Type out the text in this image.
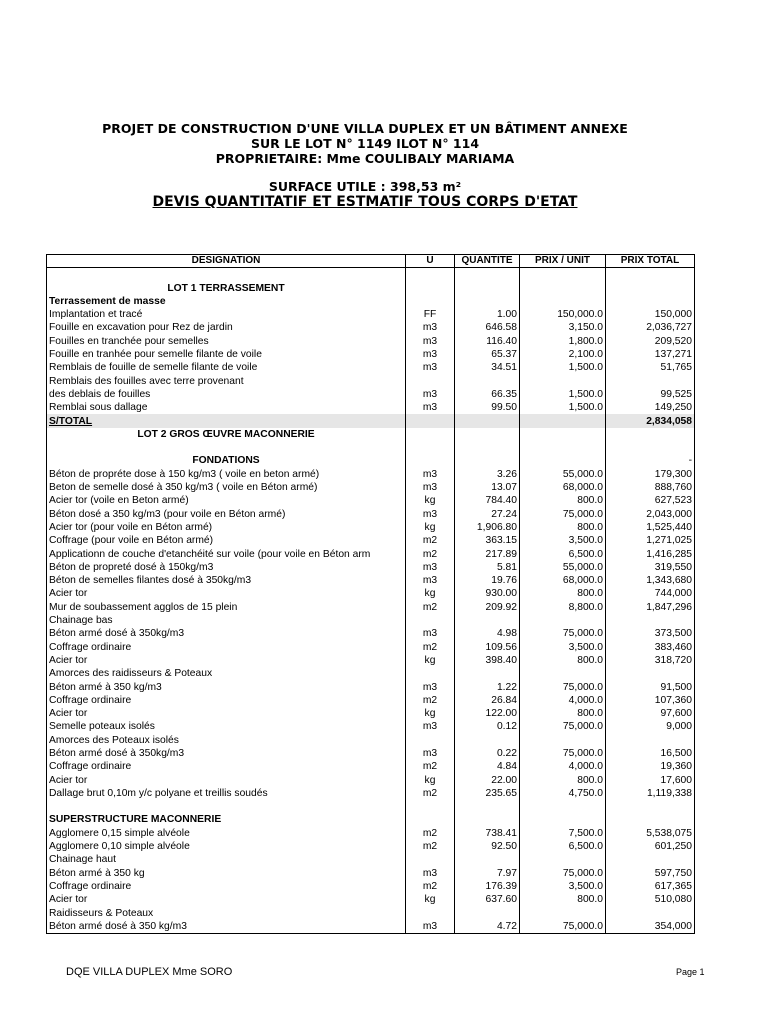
PROJET DE CONSTRUCTION D'UNE VILLA DUPLEX ET UN BÂTIMENT ANNEXE
SUR LE LOT N° 1149 ILOT N° 114
PROPRIETAIRE: Mme COULIBALY MARIAMA
SURFACE UTILE : 398,53 m²
DEVIS QUANTITATIF ET ESTMATIF TOUS CORPS D'ETAT
DESIGNATION	U	QUANTITE	PRIX / UNIT	PRIX TOTAL

LOT 1 TERRASSEMENT				
Terrassement de masse				
Implantation et tracé	FF	1.00	150,000.0	150,000
Fouille en excavation pour Rez de jardin	m3	646.58	3,150.0	2,036,727
Fouilles en tranchée pour semelles	m3	116.40	1,800.0	209,520
Fouille en tranhée pour semelle filante de voile	m3	65.37	2,100.0	137,271
Remblais de fouille de semelle filante de voile	m3	34.51	1,500.0	51,765
Remblais des fouilles avec terre provenant				
des deblais de fouilles	m3	66.35	1,500.0	99,525
Remblai sous dallage	m3	99.50	1,500.0	149,250
S/TOTAL				2,834,058
LOT 2 GROS ŒUVRE MACONNERIE				

FONDATIONS				-
Béton de propréte dose à 150 kg/m3 ( voile en beton armé)	m3	3.26	55,000.0	179,300
Beton de semelle dosé à 350 kg/m3 ( voile en Béton armé)	m3	13.07	68,000.0	888,760
Acier tor (voile en Beton armé)	kg	784.40	800.0	627,523
Béton dosé a 350 kg/m3 (pour voile en Béton armé)	m3	27.24	75,000.0	2,043,000
Acier tor (pour voile en Béton armé)	kg	1,906.80	800.0	1,525,440
Coffrage (pour voile en Béton armé)	m2	363.15	3,500.0	1,271,025
Applicationn de couche d'etanchéité sur voile (pour voile en Béton arm	m2	217.89	6,500.0	1,416,285
Béton de propreté dosé à 150kg/m3	m3	5.81	55,000.0	319,550
Béton de semelles filantes dosé à 350kg/m3	m3	19.76	68,000.0	1,343,680
Acier tor	kg	930.00	800.0	744,000
Mur de soubassement agglos de 15 plein	m2	209.92	8,800.0	1,847,296
Chainage bas				
Béton armé dosé à 350kg/m3	m3	4.98	75,000.0	373,500
Coffrage ordinaire	m2	109.56	3,500.0	383,460
Acier tor	kg	398.40	800.0	318,720
Amorces des raidisseurs & Poteaux				
Béton armé à 350 kg/m3	m3	1.22	75,000.0	91,500
Coffrage ordinaire	m2	26.84	4,000.0	107,360
Acier tor	kg	122.00	800.0	97,600
Semelle poteaux isolés	m3	0.12	75,000.0	9,000
Amorces des Poteaux isolés				
Béton armé dosé à 350kg/m3	m3	0.22	75,000.0	16,500
Coffrage ordinaire	m2	4.84	4,000.0	19,360
Acier tor	kg	22.00	800.0	17,600
Dallage brut 0,10m y/c polyane et treillis soudés	m2	235.65	4,750.0	1,119,338

SUPERSTRUCTURE MACONNERIE				
Agglomere 0,15 simple alvéole	m2	738.41	7,500.0	5,538,075
Agglomere 0,10 simple alvéole	m2	92.50	6,500.0	601,250
Chainage haut				
Béton armé à 350 kg	m3	7.97	75,000.0	597,750
Coffrage ordinaire	m2	176.39	3,500.0	617,365
Acier tor	kg	637.60	800.0	510,080
Raidisseurs & Poteaux				
Béton armé dosé à 350 kg/m3	m3	4.72	75,000.0	354,000
DQE VILLA DUPLEX Mme SORO	Page 1
